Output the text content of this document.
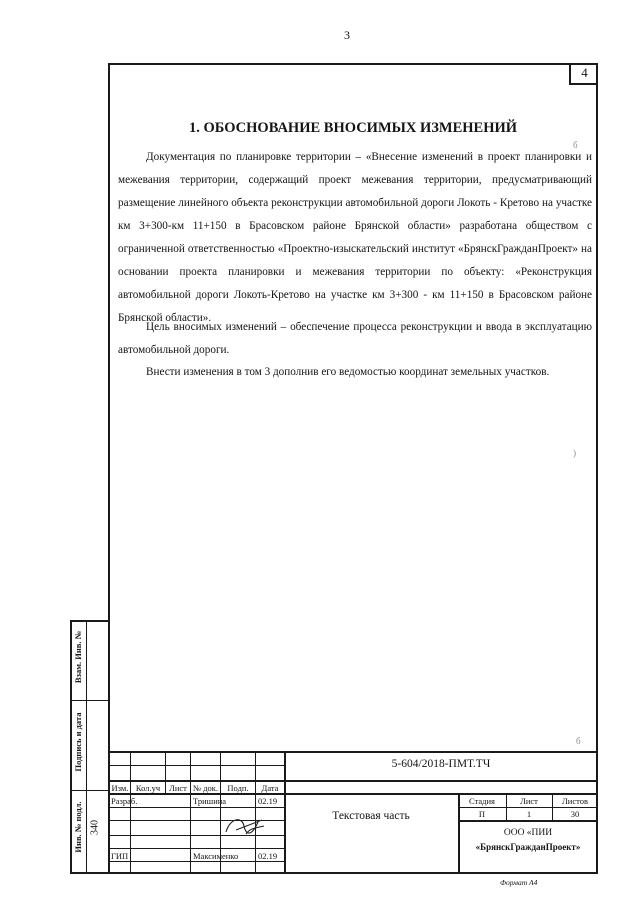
3
4
1. ОБОСНОВАНИЕ ВНОСИМЫХ ИЗМЕНЕНИЙ
Документация по планировке территории – «Внесение изменений в проект планировки и межевания территории, содержащий проект межевания территории, предусматривающий размещение линейного объекта реконструкции автомобильной дороги Локоть - Кретово на участке км 3+300-км 11+150 в Брасовском районе Брянской области» разработана обществом с ограниченной ответственностью «Проектно-изыскательский институт «БрянскГражданПроект» на основании проекта планировки и межевания территории по объекту: «Реконструкция автомобильной дороги Локоть-Кретово на участке км 3+300 - км 11+150 в Брасовском районе Брянской области».
Цель вносимых изменений – обеспечение процесса реконструкции и ввода в эксплуатацию автомобильной дороги.
Внести изменения в том 3 дополнив его ведомостью координат земельных участков.
б
)
б
Взам. Инв. №
Подпись и дата
Инв. № подл. 340
5-604/2018-ПМТ.ТЧ
Изм. Кол.уч	Лист № док.	Подп.	Дата
Разраб.	Тришина	02.19
ГИП	Максименко 02.19
Текстовая часть
Стадия	Лист	Листов
П	1	30
ООО «ПИИ
«БрянскГражданПроект»
Формат А4
